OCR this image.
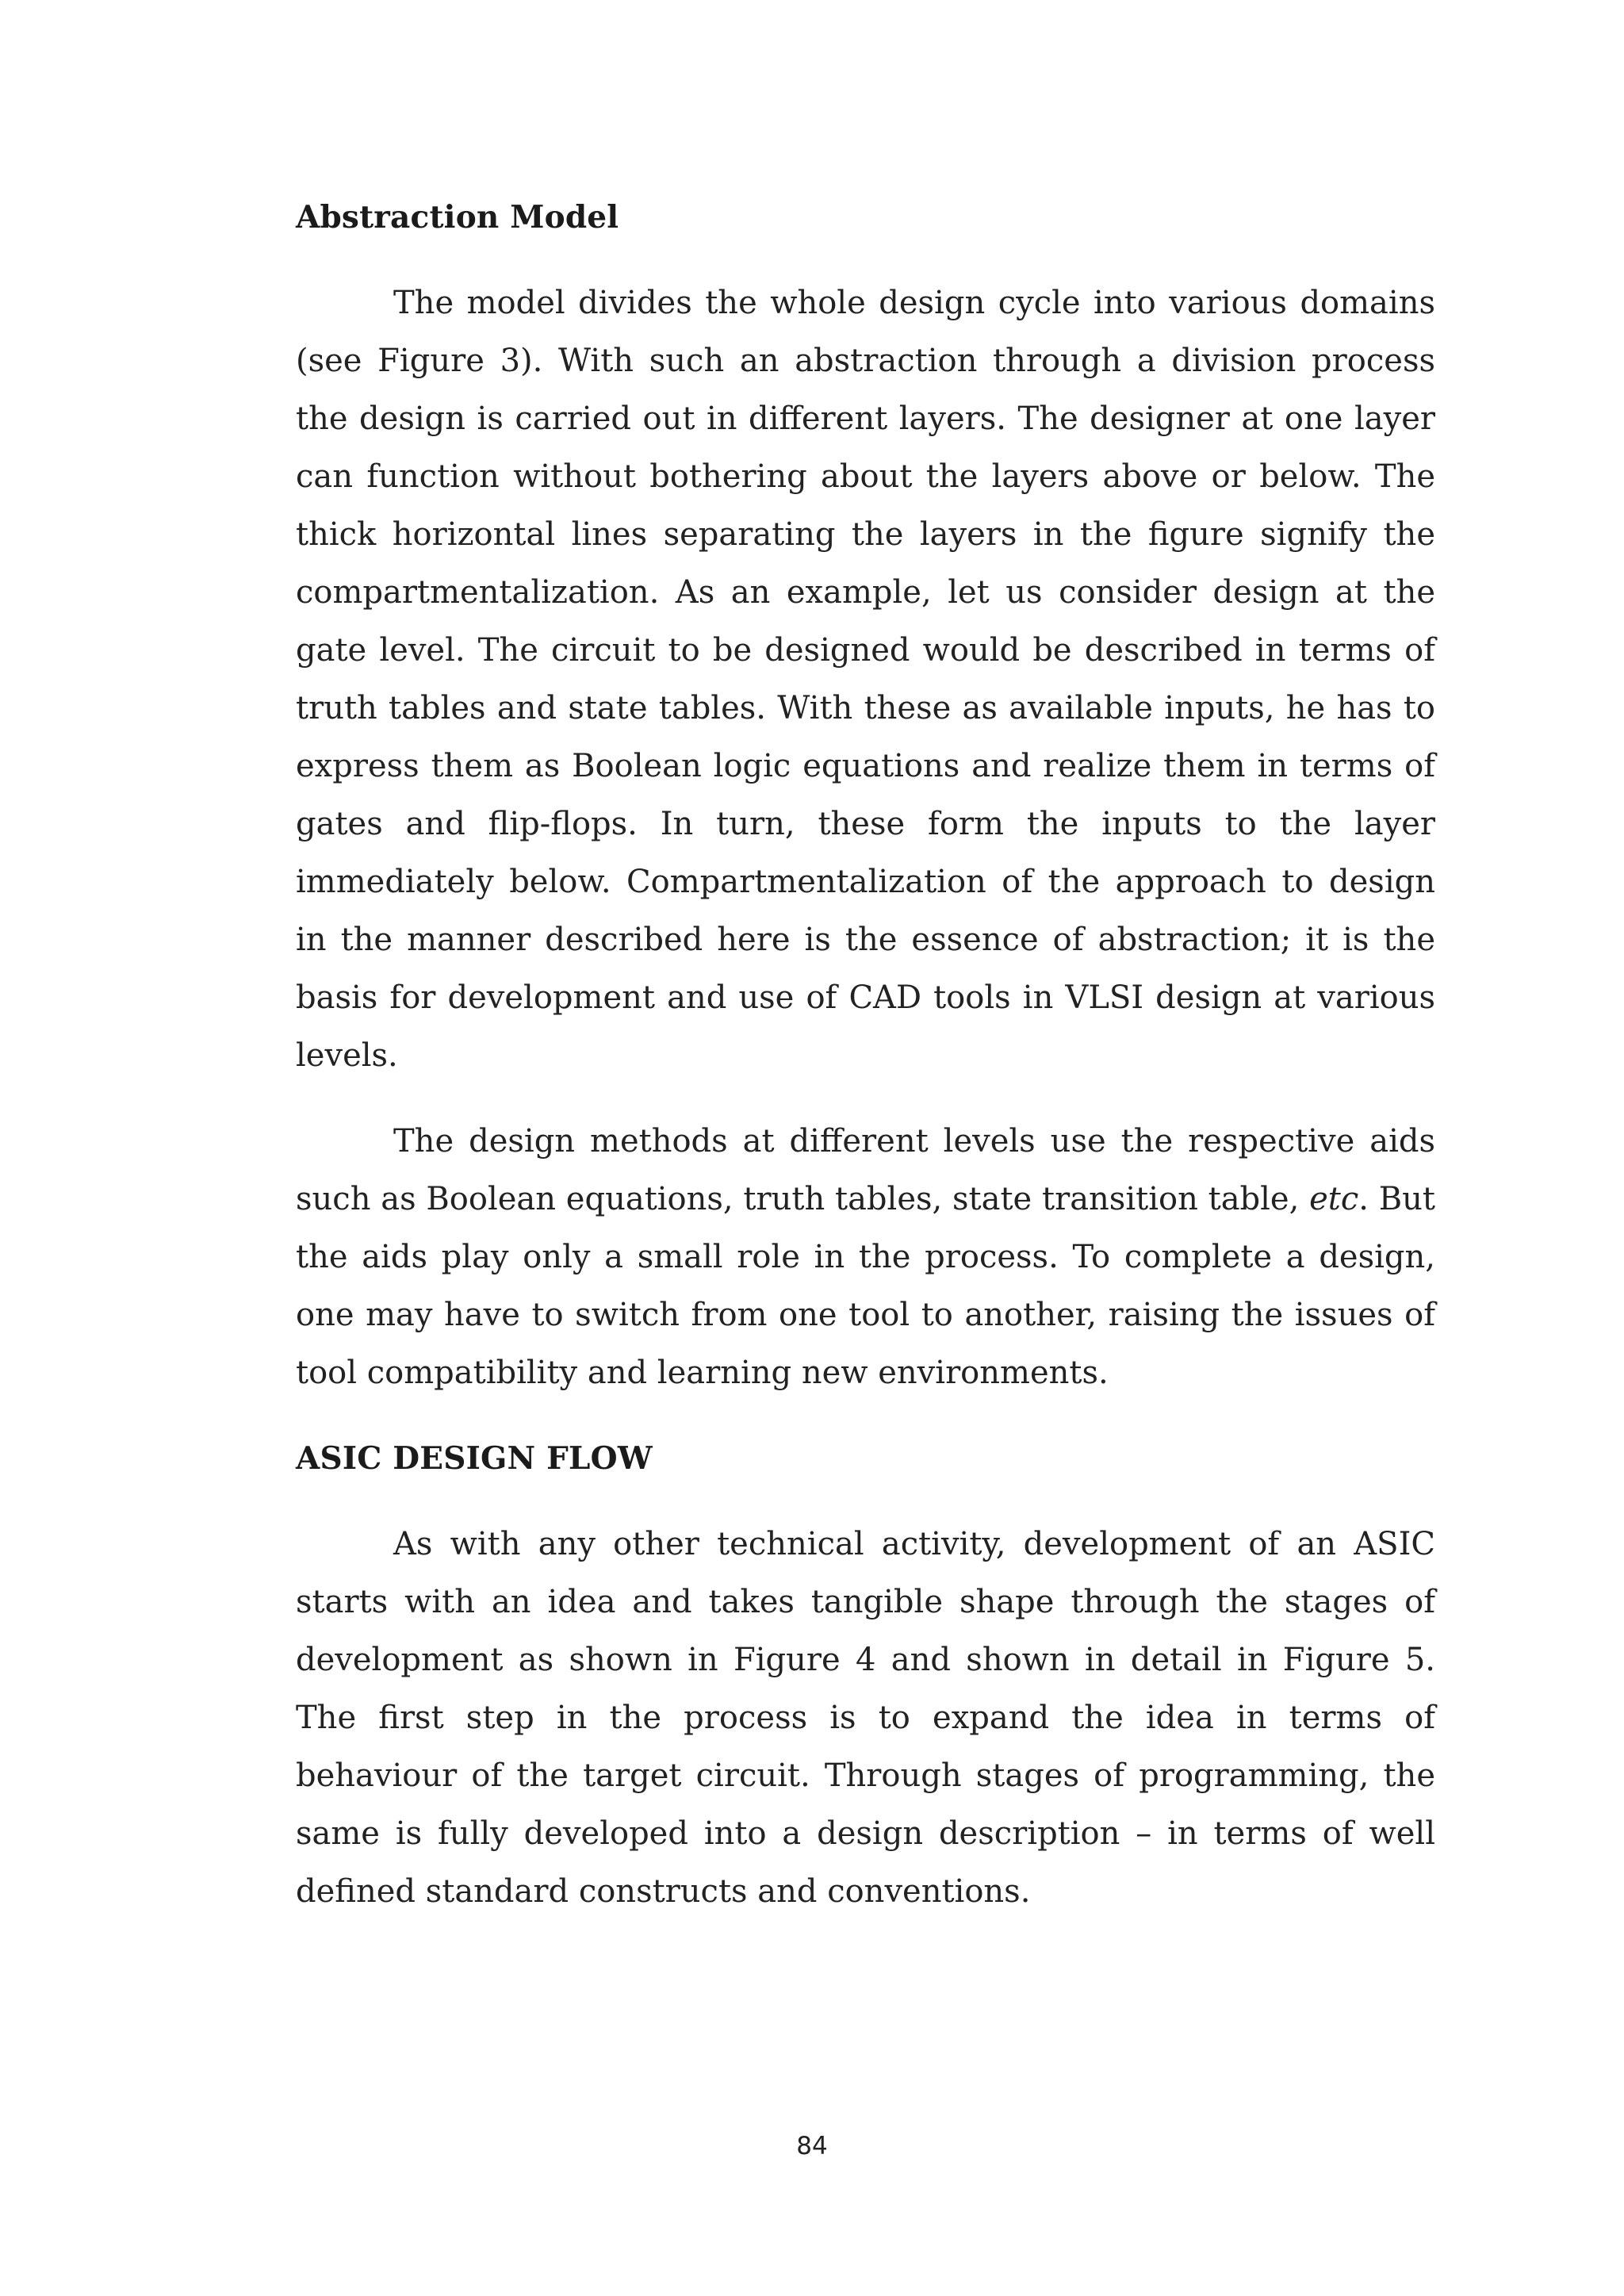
Abstraction Model

The model divides the whole design cycle into various domains (see Figure 3). With such an abstraction through a division process the design is carried out in different layers. The designer at one layer can function without bothering about the layers above or below. The thick horizontal lines separating the layers in the figure signify the compartmentalization. As an example, let us consider design at the gate level. The circuit to be designed would be described in terms of truth tables and state tables. With these as available inputs, he has to express them as Boolean logic equations and realize them in terms of gates and flip-flops. In turn, these form the inputs to the layer immediately below. Compartmentalization of the approach to design in the manner described here is the essence of abstraction; it is the basis for development and use of CAD tools in VLSI design at various levels.

The design methods at different levels use the respective aids such as Boolean equations, truth tables, state transition table, etc. But the aids play only a small role in the process. To complete a design, one may have to switch from one tool to another, raising the issues of tool compatibility and learning new environments.

ASIC DESIGN FLOW

As with any other technical activity, development of an ASIC starts with an idea and takes tangible shape through the stages of development as shown in Figure 4 and shown in detail in Figure 5. The first step in the process is to expand the idea in terms of behaviour of the target circuit. Through stages of programming, the same is fully developed into a design description – in terms of well defined standard constructs and conventions.

84
